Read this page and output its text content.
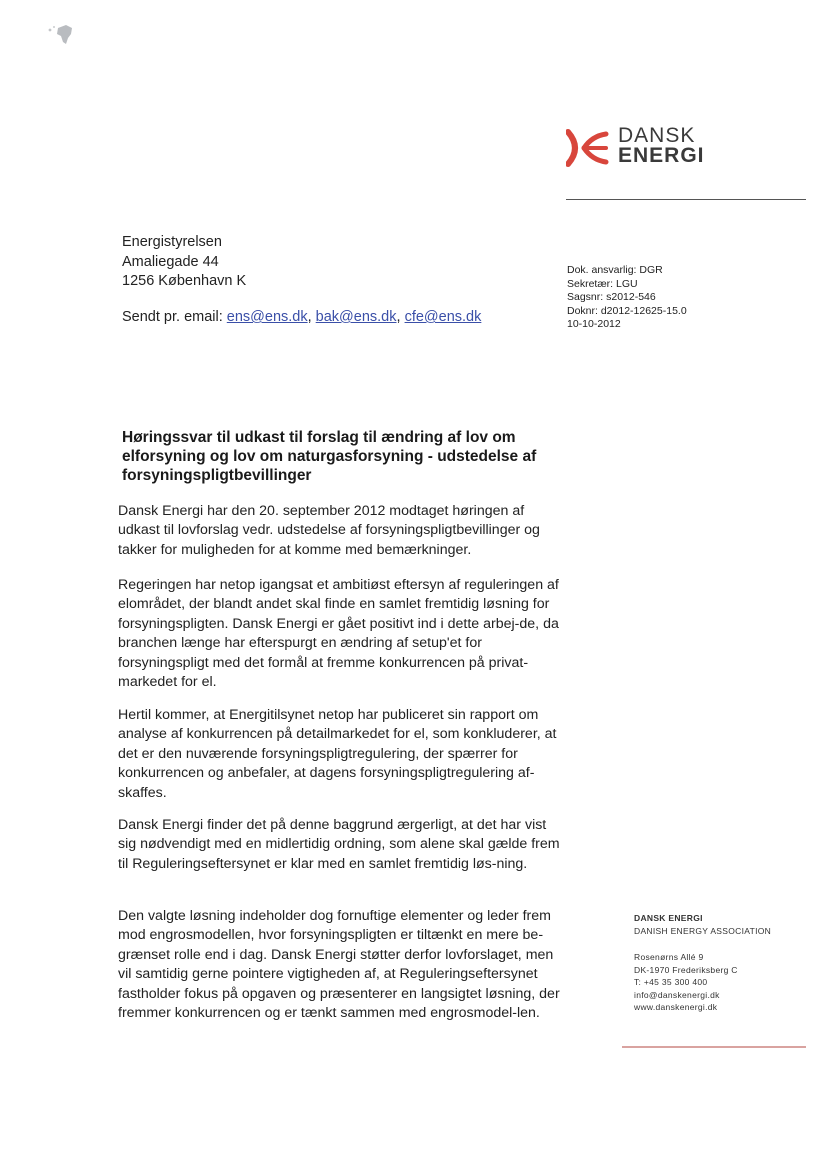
DANSK
ENERGI
Energistyrelsen
Amaliegade 44
1256 København K
Sendt pr. email: ens@ens.dk, bak@ens.dk, cfe@ens.dk
Dok. ansvarlig: DGR
Sekretær: LGU
Sagsnr: s2012-546
Doknr: d2012-12625-15.0
10-10-2012
Høringssvar til udkast til forslag til ændring af lov om elforsyning og lov om naturgasforsyning - udstedelse af forsyningspligtbevillinger
Dansk Energi har den 20. september 2012 modtaget høringen af udkast til lovforslag vedr. udstedelse af forsyningspligtbevillinger og takker for muligheden for at komme med bemærkninger.
Regeringen har netop igangsat et ambitiøst eftersyn af reguleringen af elområdet, der blandt andet skal finde en samlet fremtidig løsning for forsyningspligten. Dansk Energi er gået positivt ind i dette arbej-de, da branchen længe har efterspurgt en ændring af setup'et for forsyningspligt med det formål at fremme konkurrencen på privat-markedet for el.
Hertil kommer, at Energitilsynet netop har publiceret sin rapport om analyse af konkurrencen på detailmarkedet for el, som konkluderer, at det er den nuværende forsyningspligtregulering, der spærrer for konkurrencen og anbefaler, at dagens forsyningspligtregulering af-skaffes.
Dansk Energi finder det på denne baggrund ærgerligt, at det har vist sig nødvendigt med en midlertidig ordning, som alene skal gælde frem til Reguleringseftersynet er klar med en samlet fremtidig løs-ning.
Den valgte løsning indeholder dog fornuftige elementer og leder frem mod engrosmodellen, hvor forsyningspligten er tiltænkt en mere be-grænset rolle end i dag. Dansk Energi støtter derfor lovforslaget, men vil samtidig gerne pointere vigtigheden af, at Reguleringseftersynet fastholder fokus på opgaven og præsenterer en langsigtet løsning, der fremmer konkurrencen og er tænkt sammen med engrosmodel-len.
DANSK ENERGI
DANISH ENERGY ASSOCIATION
Rosenørns Allé 9
DK-1970 Frederiksberg C
T: +45 35 300 400
info@danskenergi.dk
www.danskenergi.dk
